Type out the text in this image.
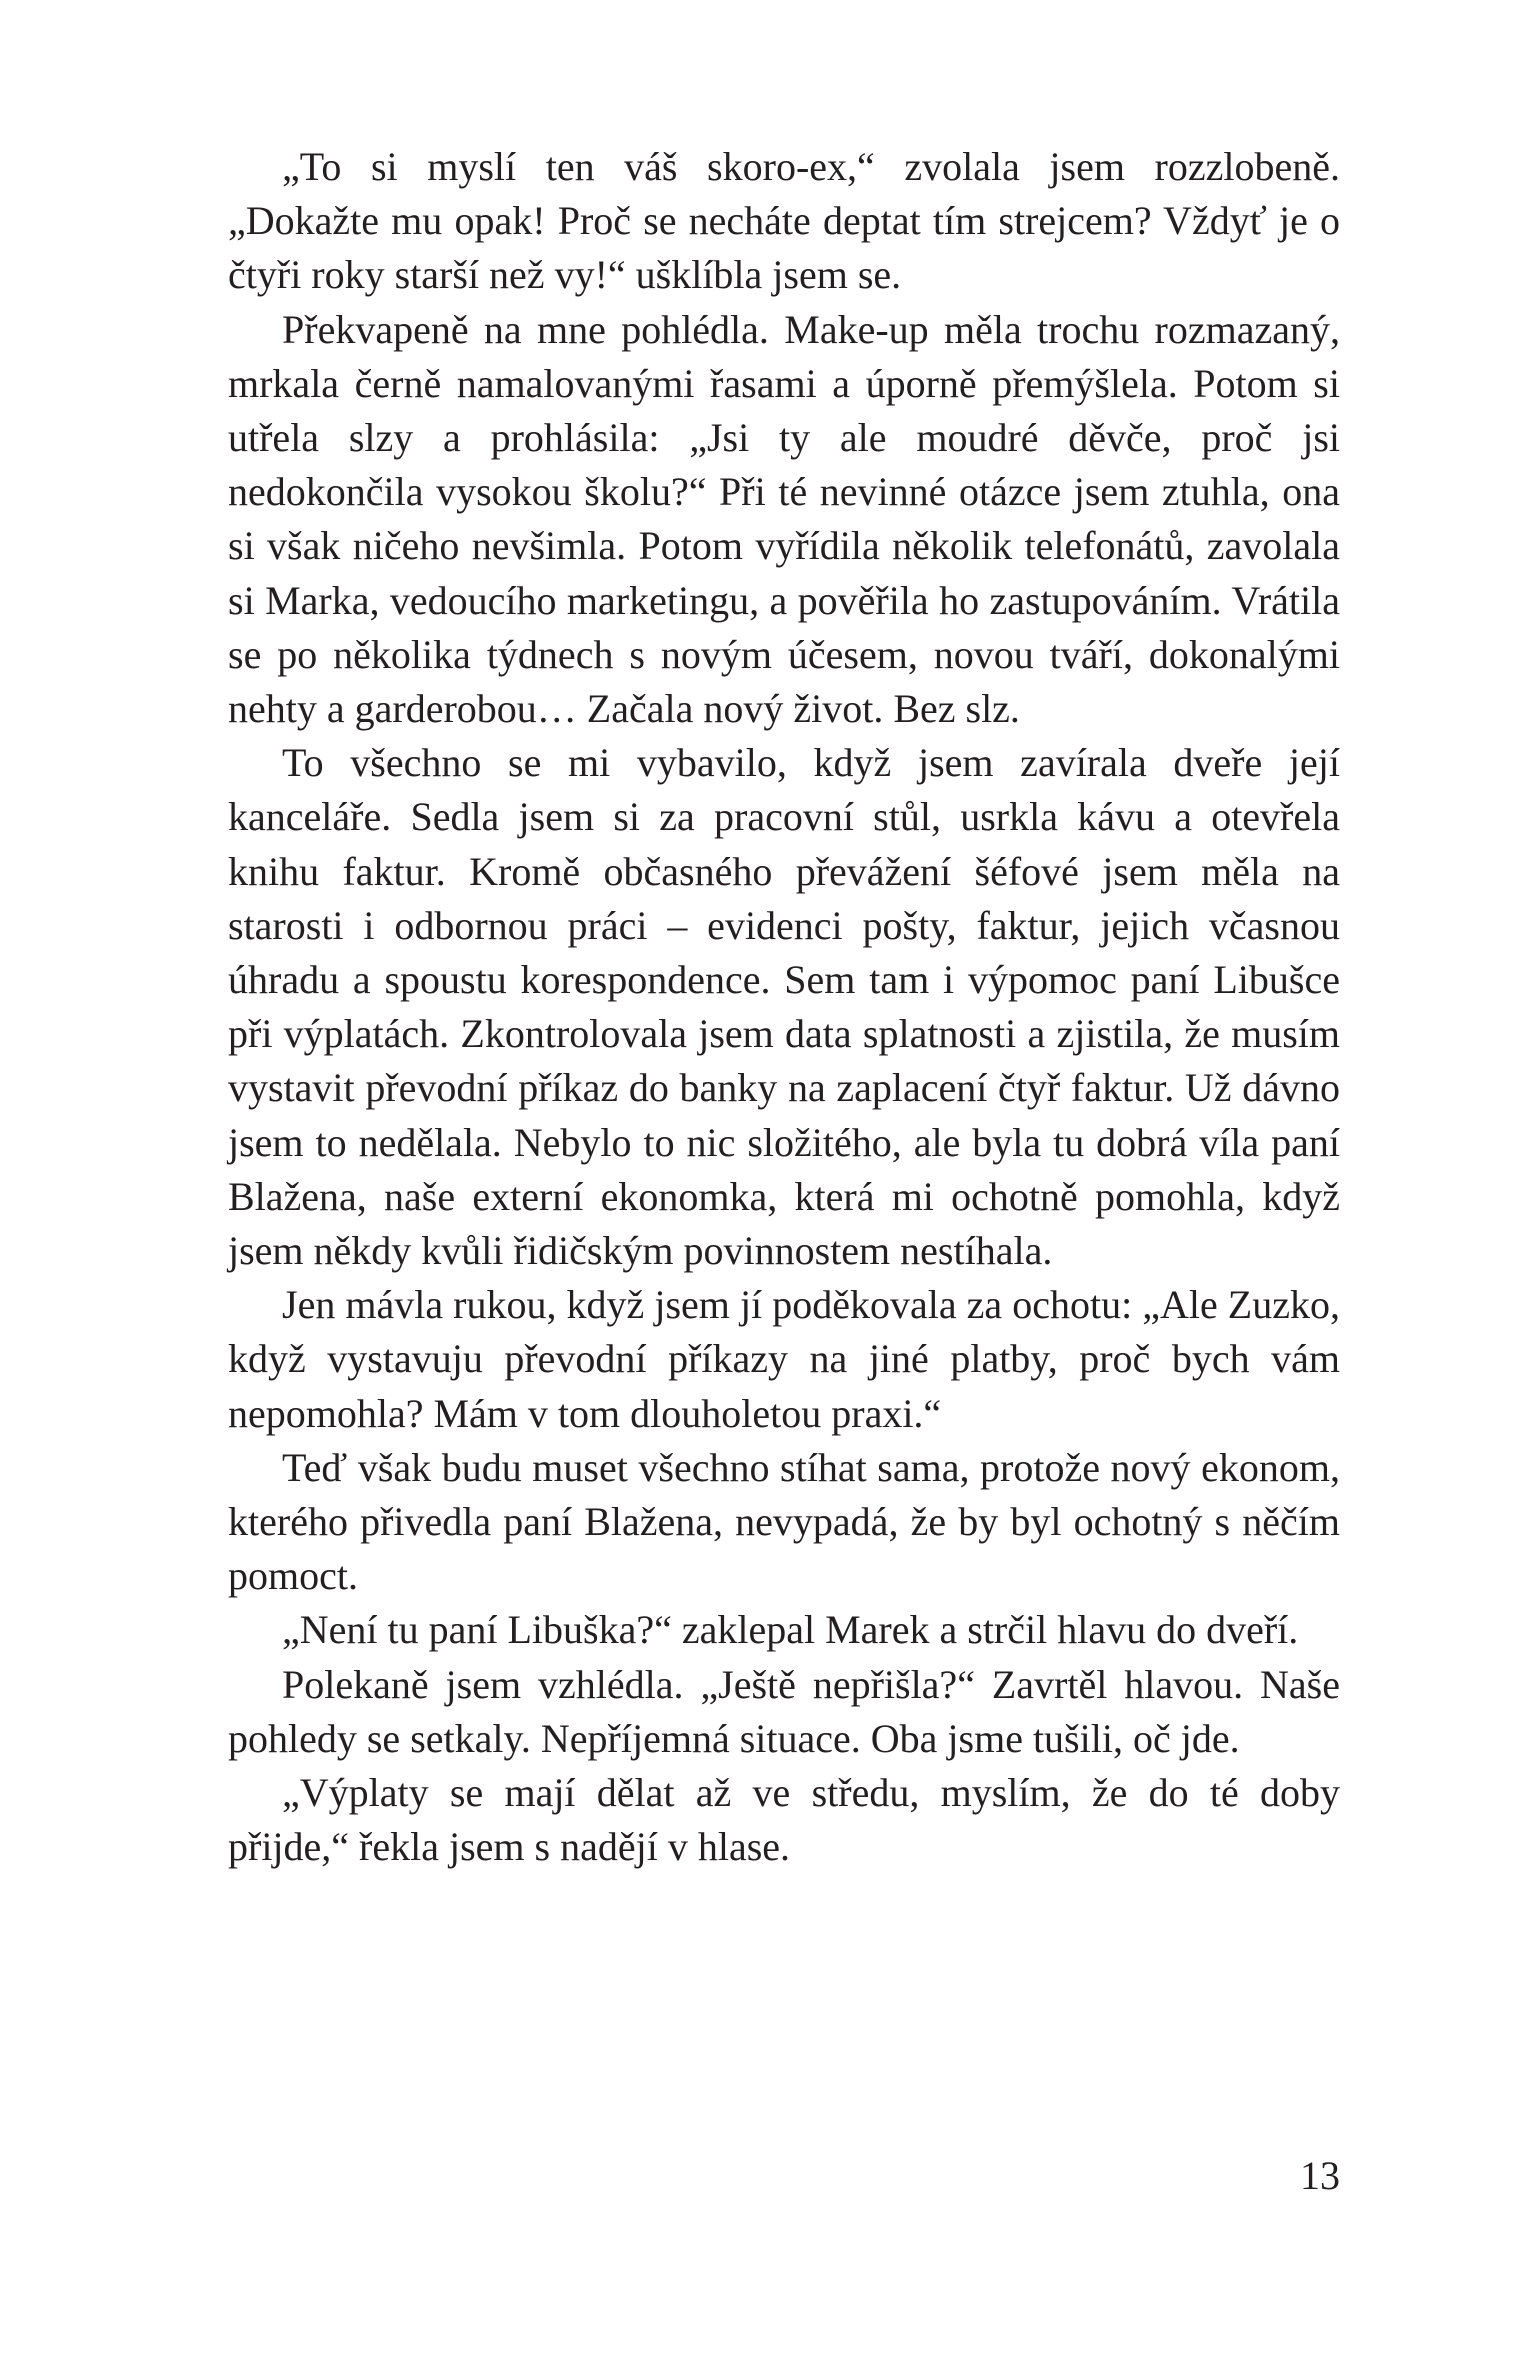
„To si myslí ten váš skoro-ex,“ zvolala jsem rozzlobeně. „Dokažte mu opak! Proč se necháte deptat tím strejcem? Vždyť je o čtyři roky starší než vy!“ ušklíbla jsem se.

Překvapeně na mne pohlédla. Make-up měla trochu rozmazaný, mrkala černě namalovanými řasami a úporně přemýšlela. Potom si utřela slzy a prohlásila: „Jsi ty ale moudré děvče, proč jsi nedokončila vysokou školu?“ Při té nevinné otázce jsem ztuhla, ona si však ničeho nevšimla. Potom vyřídila několik telefonátů, zavolala si Marka, vedoucího marketingu, a pověřila ho zastupováním. Vrátila se po několika týdnech s novým účesem, novou tváří, dokonalými nehty a garderobou… Začala nový život. Bez slz.

To všechno se mi vybavilo, když jsem zavírala dveře její kanceláře. Sedla jsem si za pracovní stůl, usrkla kávu a otevřela knihu faktur. Kromě občasného převážení šéfové jsem měla na starosti i odbornou práci – evidenci pošty, faktur, jejich včasnou úhradu a spoustu korespondence. Sem tam i výpomoc paní Libušce při výplatách. Zkontrolovala jsem data splatnosti a zjistila, že musím vystavit převodní příkaz do banky na zaplacení čtyř faktur. Už dávno jsem to nedělala. Nebylo to nic složitého, ale byla tu dobrá víla paní Blažena, naše externí ekonomka, která mi ochotně pomohla, když jsem někdy kvůli řidičským povinnostem nestíhala.

Jen mávla rukou, když jsem jí poděkovala za ochotu: „Ale Zuzko, když vystavuju převodní příkazy na jiné platby, proč bych vám nepomohla? Mám v tom dlouholetou praxi.“

Teď však budu muset všechno stíhat sama, protože nový ekonom, kterého přivedla paní Blažena, nevypadá, že by byl ochotný s něčím pomoct.

„Není tu paní Libuška?“ zaklepal Marek a strčil hlavu do dveří.

Polekaně jsem vzhlédla. „Ještě nepřišla?“ Zavrtěl hlavou. Naše pohledy se setkaly. Nepříjemná situace. Oba jsme tušili, oč jde.

„Výplaty se mají dělat až ve středu, myslím, že do té doby přijde,“ řekla jsem s nadějí v hlase.

13
